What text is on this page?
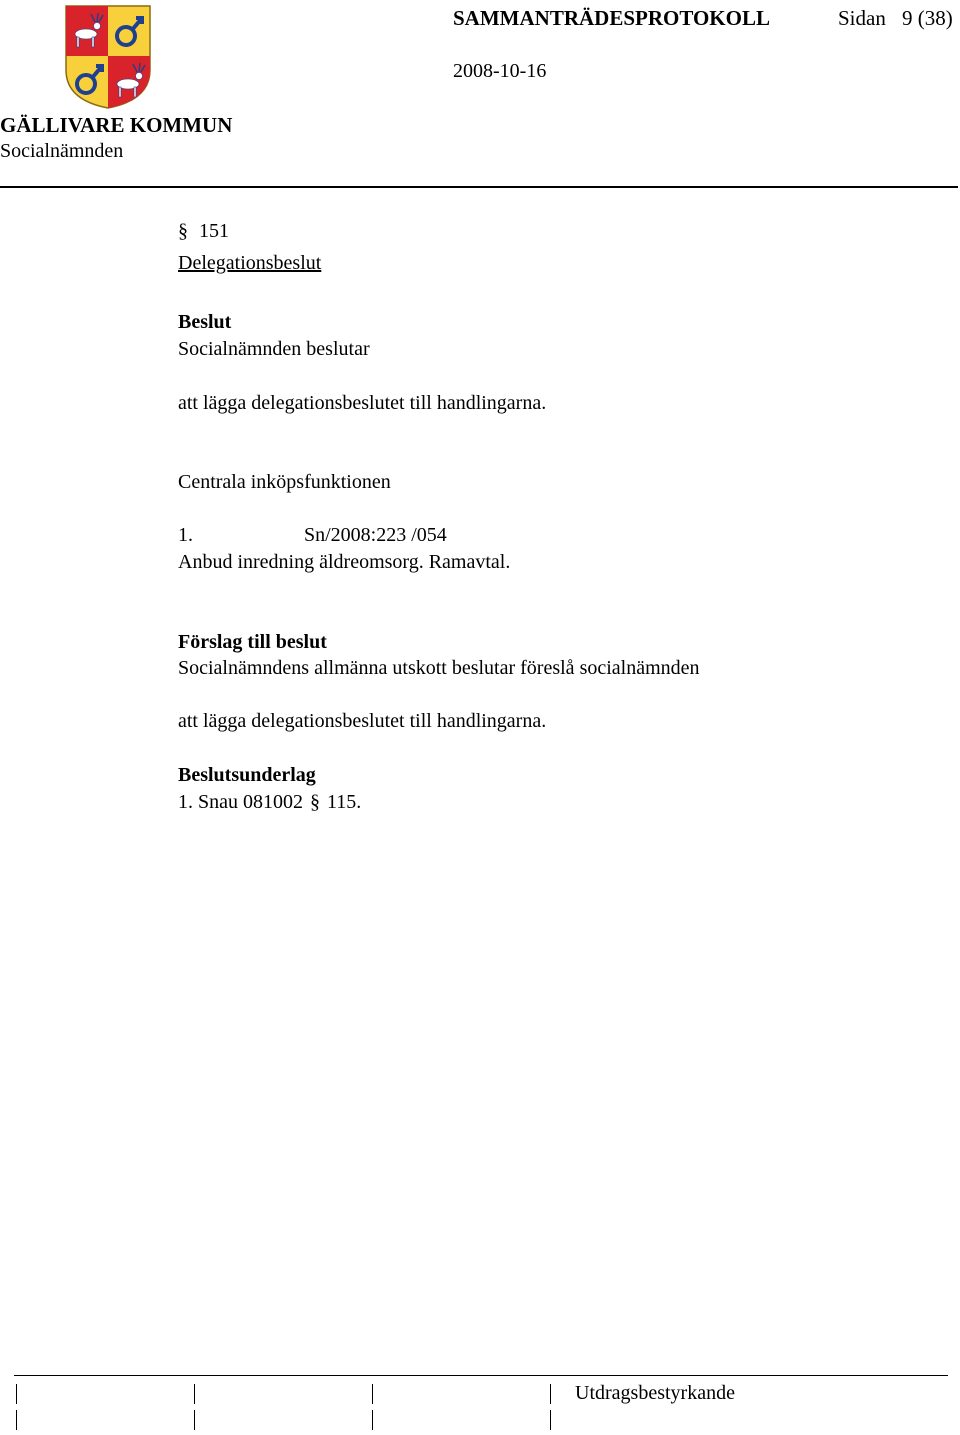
SAMMANTRÄDESPROTOKOLL	Sidan 9 (38)
2008-10-16
GÄLLIVARE KOMMUN
Socialnämnden
§ 151
Delegationsbeslut
Beslut
Socialnämnden beslutar
att lägga delegationsbeslutet till handlingarna.
Centrala inköpsfunktionen
1.	Sn/2008:223 /054
Anbud inredning äldreomsorg. Ramavtal.
Förslag till beslut
Socialnämndens allmänna utskott beslutar föreslå socialnämnden
att lägga delegationsbeslutet till handlingarna.
Beslutsunderlag
1. Snau 081002 § 115.
Utdragsbestyrkande
